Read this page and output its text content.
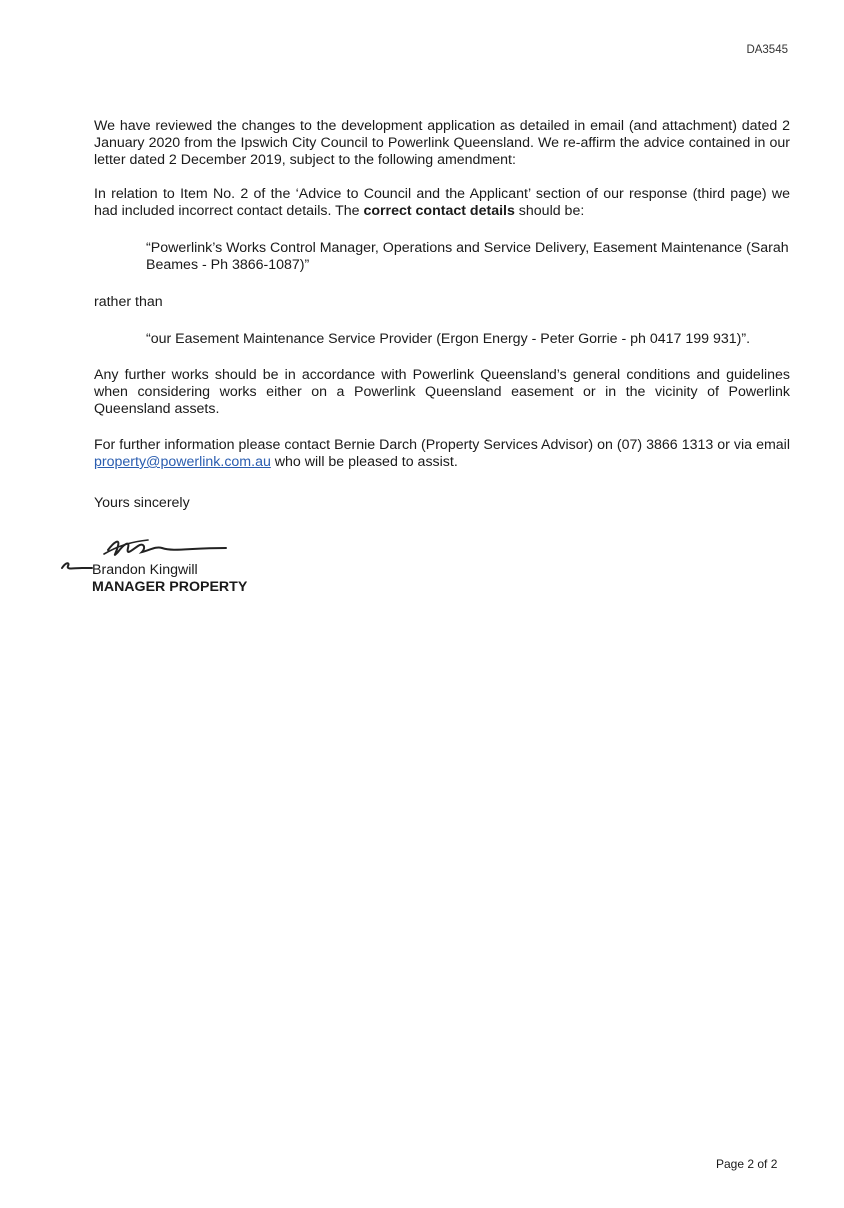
DA3545

We have reviewed the changes to the development application as detailed in email (and attachment) dated 2 January 2020 from the Ipswich City Council to Powerlink Queensland. We re-affirm the advice contained in our letter dated 2 December 2019, subject to the following amendment:

In relation to Item No. 2 of the ‘Advice to Council and the Applicant’ section of our response (third page) we had included incorrect contact details. The correct contact details should be:

“Powerlink’s Works Control Manager, Operations and Service Delivery, Easement Maintenance (Sarah Beames - Ph 3866-1087)”

rather than

“our Easement Maintenance Service Provider (Ergon Energy - Peter Gorrie - ph 0417 199 931)”.

Any further works should be in accordance with Powerlink Queensland’s general conditions and guidelines when considering works either on a Powerlink Queensland easement or in the vicinity of Powerlink Queensland assets.

For further information please contact Bernie Darch (Property Services Advisor) on (07) 3866 1313 or via email property@powerlink.com.au who will be pleased to assist.

Yours sincerely

Brandon Kingwill
MANAGER PROPERTY
Page 2 of 2
